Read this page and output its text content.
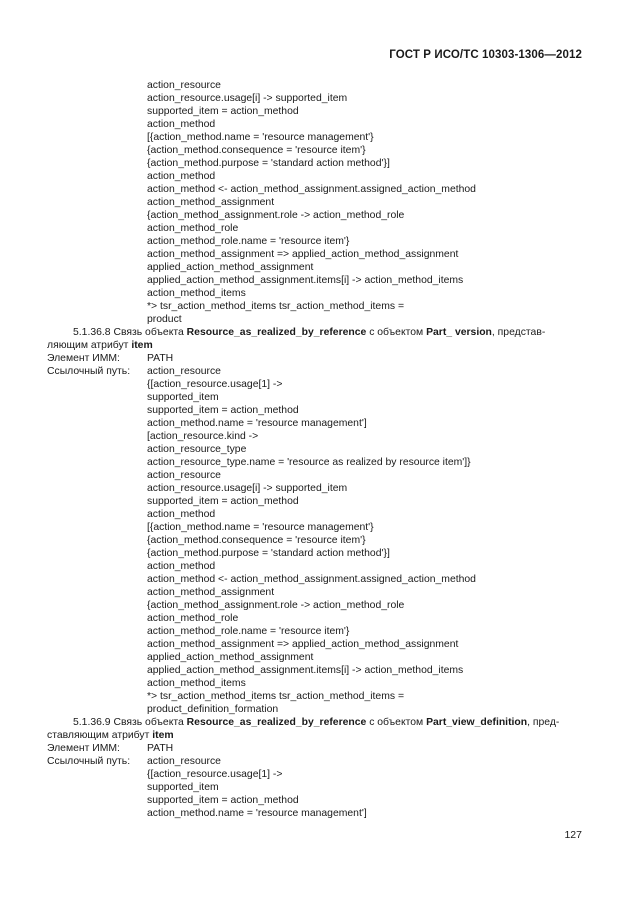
ГОСТ Р ИСО/ТС 10303-1306—2012
action_resource
action_resource.usage[i] -> supported_item
supported_item = action_method
action_method
[{action_method.name = 'resource management'}
{action_method.consequence = 'resource item'}
{action_method.purpose = 'standard action method'}]
action_method
action_method <- action_method_assignment.assigned_action_method
action_method_assignment
{action_method_assignment.role -> action_method_role
action_method_role
action_method_role.name = 'resource item'}
action_method_assignment => applied_action_method_assignment
applied_action_method_assignment
applied_action_method_assignment.items[i] -> action_method_items
action_method_items
*> tsr_action_method_items tsr_action_method_items =
product
5.1.36.8 Связь объекта Resource_as_realized_by_reference с объектом Part_ version, представ-
ляющим атрибут item
Элемент ИММ:	PATH
Ссылочный путь: action_resource
{[action_resource.usage[1] ->
supported_item
supported_item = action_method
action_method.name = 'resource management']
[action_resource.kind ->
action_resource_type
action_resource_type.name = 'resource as realized by resource item']}
action_resource
action_resource.usage[i] -> supported_item
supported_item = action_method
action_method
[{action_method.name = 'resource management'}
{action_method.consequence = 'resource item'}
{action_method.purpose = 'standard action method'}]
action_method
action_method <- action_method_assignment.assigned_action_method
action_method_assignment
{action_method_assignment.role -> action_method_role
action_method_role
action_method_role.name = 'resource item'}
action_method_assignment => applied_action_method_assignment
applied_action_method_assignment
applied_action_method_assignment.items[i] -> action_method_items
action_method_items
*> tsr_action_method_items tsr_action_method_items =
product_definition_formation
5.1.36.9 Связь объекта Resource_as_realized_by_reference с объектом Part_view_definition, пред-
ставляющим атрибут item
Элемент ИММ:	PATH
Ссылочный путь: action_resource
{[action_resource.usage[1] ->
supported_item
supported_item = action_method
action_method.name = 'resource management']
127
